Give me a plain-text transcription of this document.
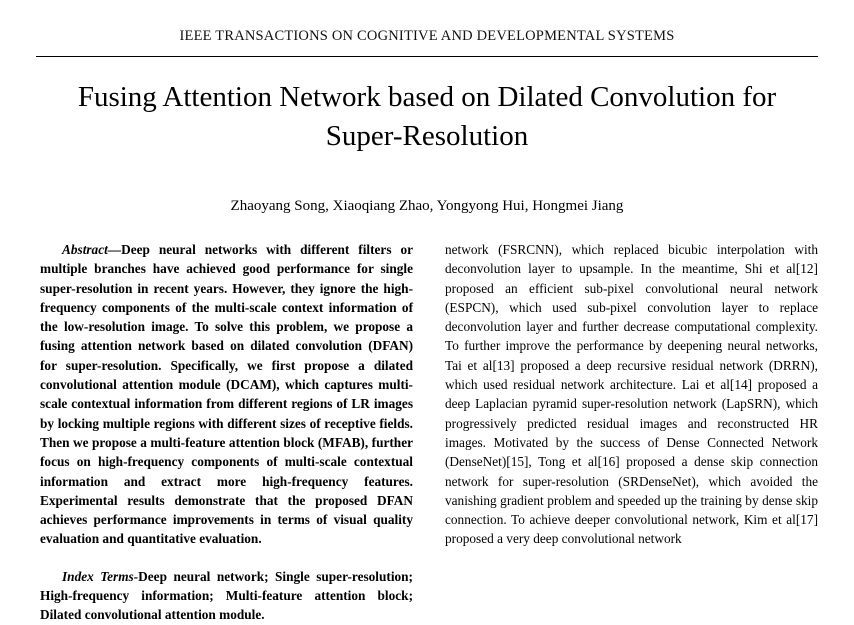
IEEE TRANSACTIONS ON COGNITIVE AND DEVELOPMENTAL SYSTEMS
Fusing Attention Network based on Dilated Convolution for Super-Resolution
Zhaoyang Song, Xiaoqiang Zhao, Yongyong Hui, Hongmei Jiang

Abstract—Deep neural networks with different filters or multiple branches have achieved good performance for single super-resolution in recent years. However, they ignore the high-frequency components of the multi-scale context information of the low-resolution image. To solve this problem, we propose a fusing attention network based on dilated convolution (DFAN) for super-resolution. Specifically, we first propose a dilated convolutional attention module (DCAM), which captures multi-scale contextual information from different regions of LR images by locking multiple regions with different sizes of receptive fields. Then we propose a multi-feature attention block (MFAB), further focus on high-frequency components of multi-scale contextual information and extract more high-frequency features. Experimental results demonstrate that the proposed DFAN achieves performance improvements in terms of visual quality evaluation and quantitative evaluation.

Index Terms-Deep neural network; Single super-resolution; High-frequency information; Multi-feature attention block; Dilated convolutional attention module.

network (FSRCNN), which replaced bicubic interpolation with deconvolution layer to upsample. In the meantime, Shi et al[12] proposed an efficient sub-pixel convolutional neural network (ESPCN), which used sub-pixel convolution layer to replace deconvolution layer and further decrease computational complexity. To further improve the performance by deepening neural networks, Tai et al[13] proposed a deep recursive residual network (DRRN), which used residual network architecture. Lai et al[14] proposed a deep Laplacian pyramid super-resolution network (LapSRN), which progressively predicted residual images and reconstructed HR images. Motivated by the success of Dense Connected Network (DenseNet)[15], Tong et al[16] proposed a dense skip connection network for super-resolution (SRDenseNet), which avoided the vanishing gradient problem and speeded up the training by dense skip connection. To achieve deeper convolutional network, Kim et al[17] proposed a very deep convolutional network
